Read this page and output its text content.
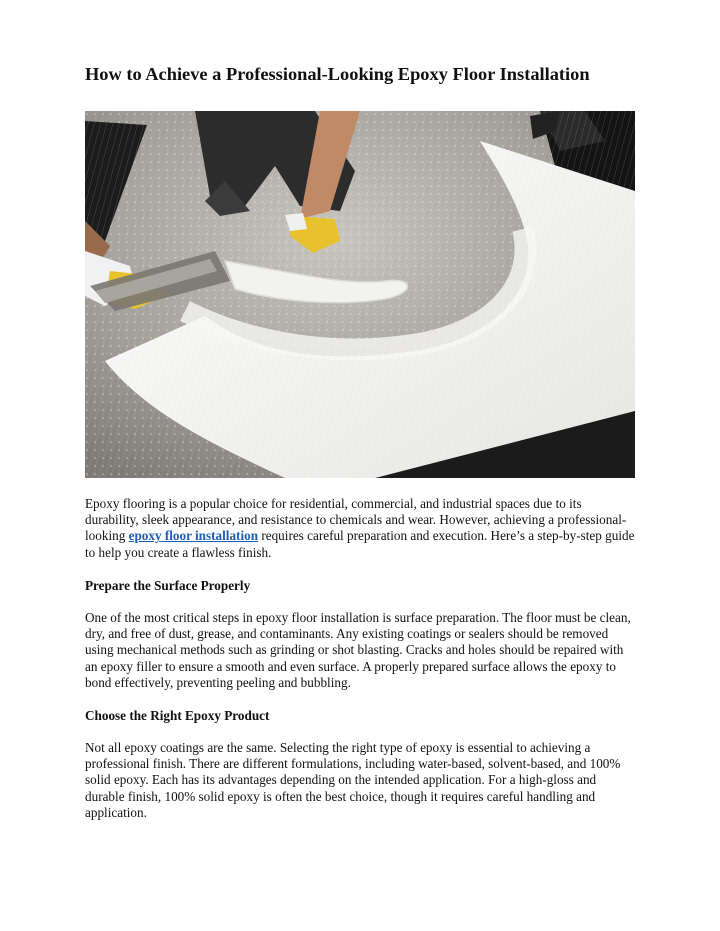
How to Achieve a Professional-Looking Epoxy Floor Installation

Epoxy flooring is a popular choice for residential, commercial, and industrial spaces due to its durability, sleek appearance, and resistance to chemicals and wear. However, achieving a professional-looking epoxy floor installation requires careful preparation and execution. Here’s a step-by-step guide to help you create a flawless finish.

Prepare the Surface Properly

One of the most critical steps in epoxy floor installation is surface preparation. The floor must be clean, dry, and free of dust, grease, and contaminants. Any existing coatings or sealers should be removed using mechanical methods such as grinding or shot blasting. Cracks and holes should be repaired with an epoxy filler to ensure a smooth and even surface. A properly prepared surface allows the epoxy to bond effectively, preventing peeling and bubbling.

Choose the Right Epoxy Product

Not all epoxy coatings are the same. Selecting the right type of epoxy is essential to achieving a professional finish. There are different formulations, including water-based, solvent-based, and 100% solid epoxy. Each has its advantages depending on the intended application. For a high-gloss and durable finish, 100% solid epoxy is often the best choice, though it requires careful handling and application.
